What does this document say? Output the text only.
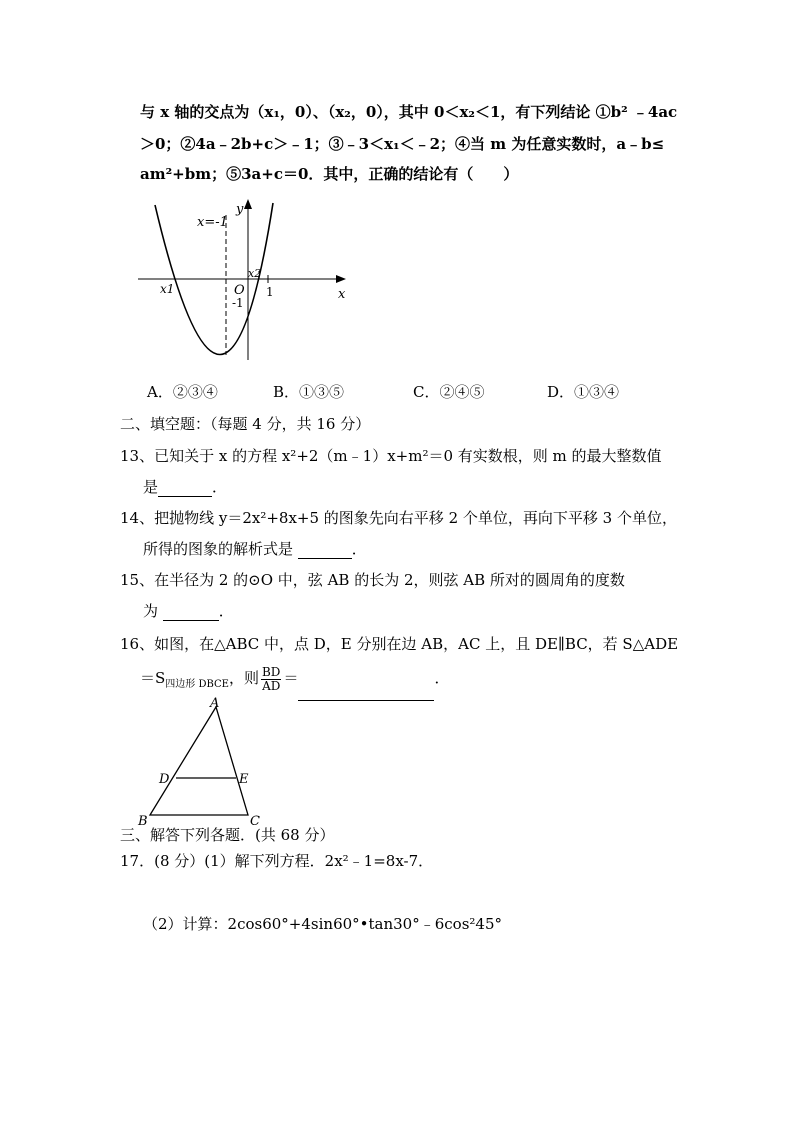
与 x 轴的交点为（x₁，0）、（x₂，0），其中 0＜x₂＜1，有下列结论 ①b² ﹣4ac
＞0；②4a﹣2b+c＞﹣1；③﹣3＜x₁＜﹣2；④当 m 为任意实数时，a﹣b≤
am²+bm；⑤3a+c＝0．其中，正确的结论有（　　）
y
x=-1
x2
x1	O 1
-1
x
A．②③④	B．①③⑤	C．②④⑤	D．①③④
二、填空题：（每题 4 分，共 16 分）
13、已知关于 x 的方程 x²+2（m﹣1）x+m²＝0 有实数根，则 m 的最大整数值
是	．
14、把抛物线 y＝2x²+8x+5 的图象先向右平移 2 个单位，再向下平移 3 个单位，
所得的图象的解析式是	．
15、在半径为 2 的⊙O 中，弦 AB 的长为 2，则弦 AB 所对的圆周角的度数
为	．
16、如图，在△ABC 中，点 D，E 分别在边 AB，AC 上，且 DE∥BC，若 S△ADE
$=S_{四边形 DBCE}$，则 $\frac{BD}{AD}$ ＝	．
A
D	E
B	C
三、解答下列各题．(共 68 分）
17．(8 分）(1）解下列方程．2x²﹣1=8x-7．
（2）计算：2cos60°+4sin60°•tan30°﹣6cos²45°
